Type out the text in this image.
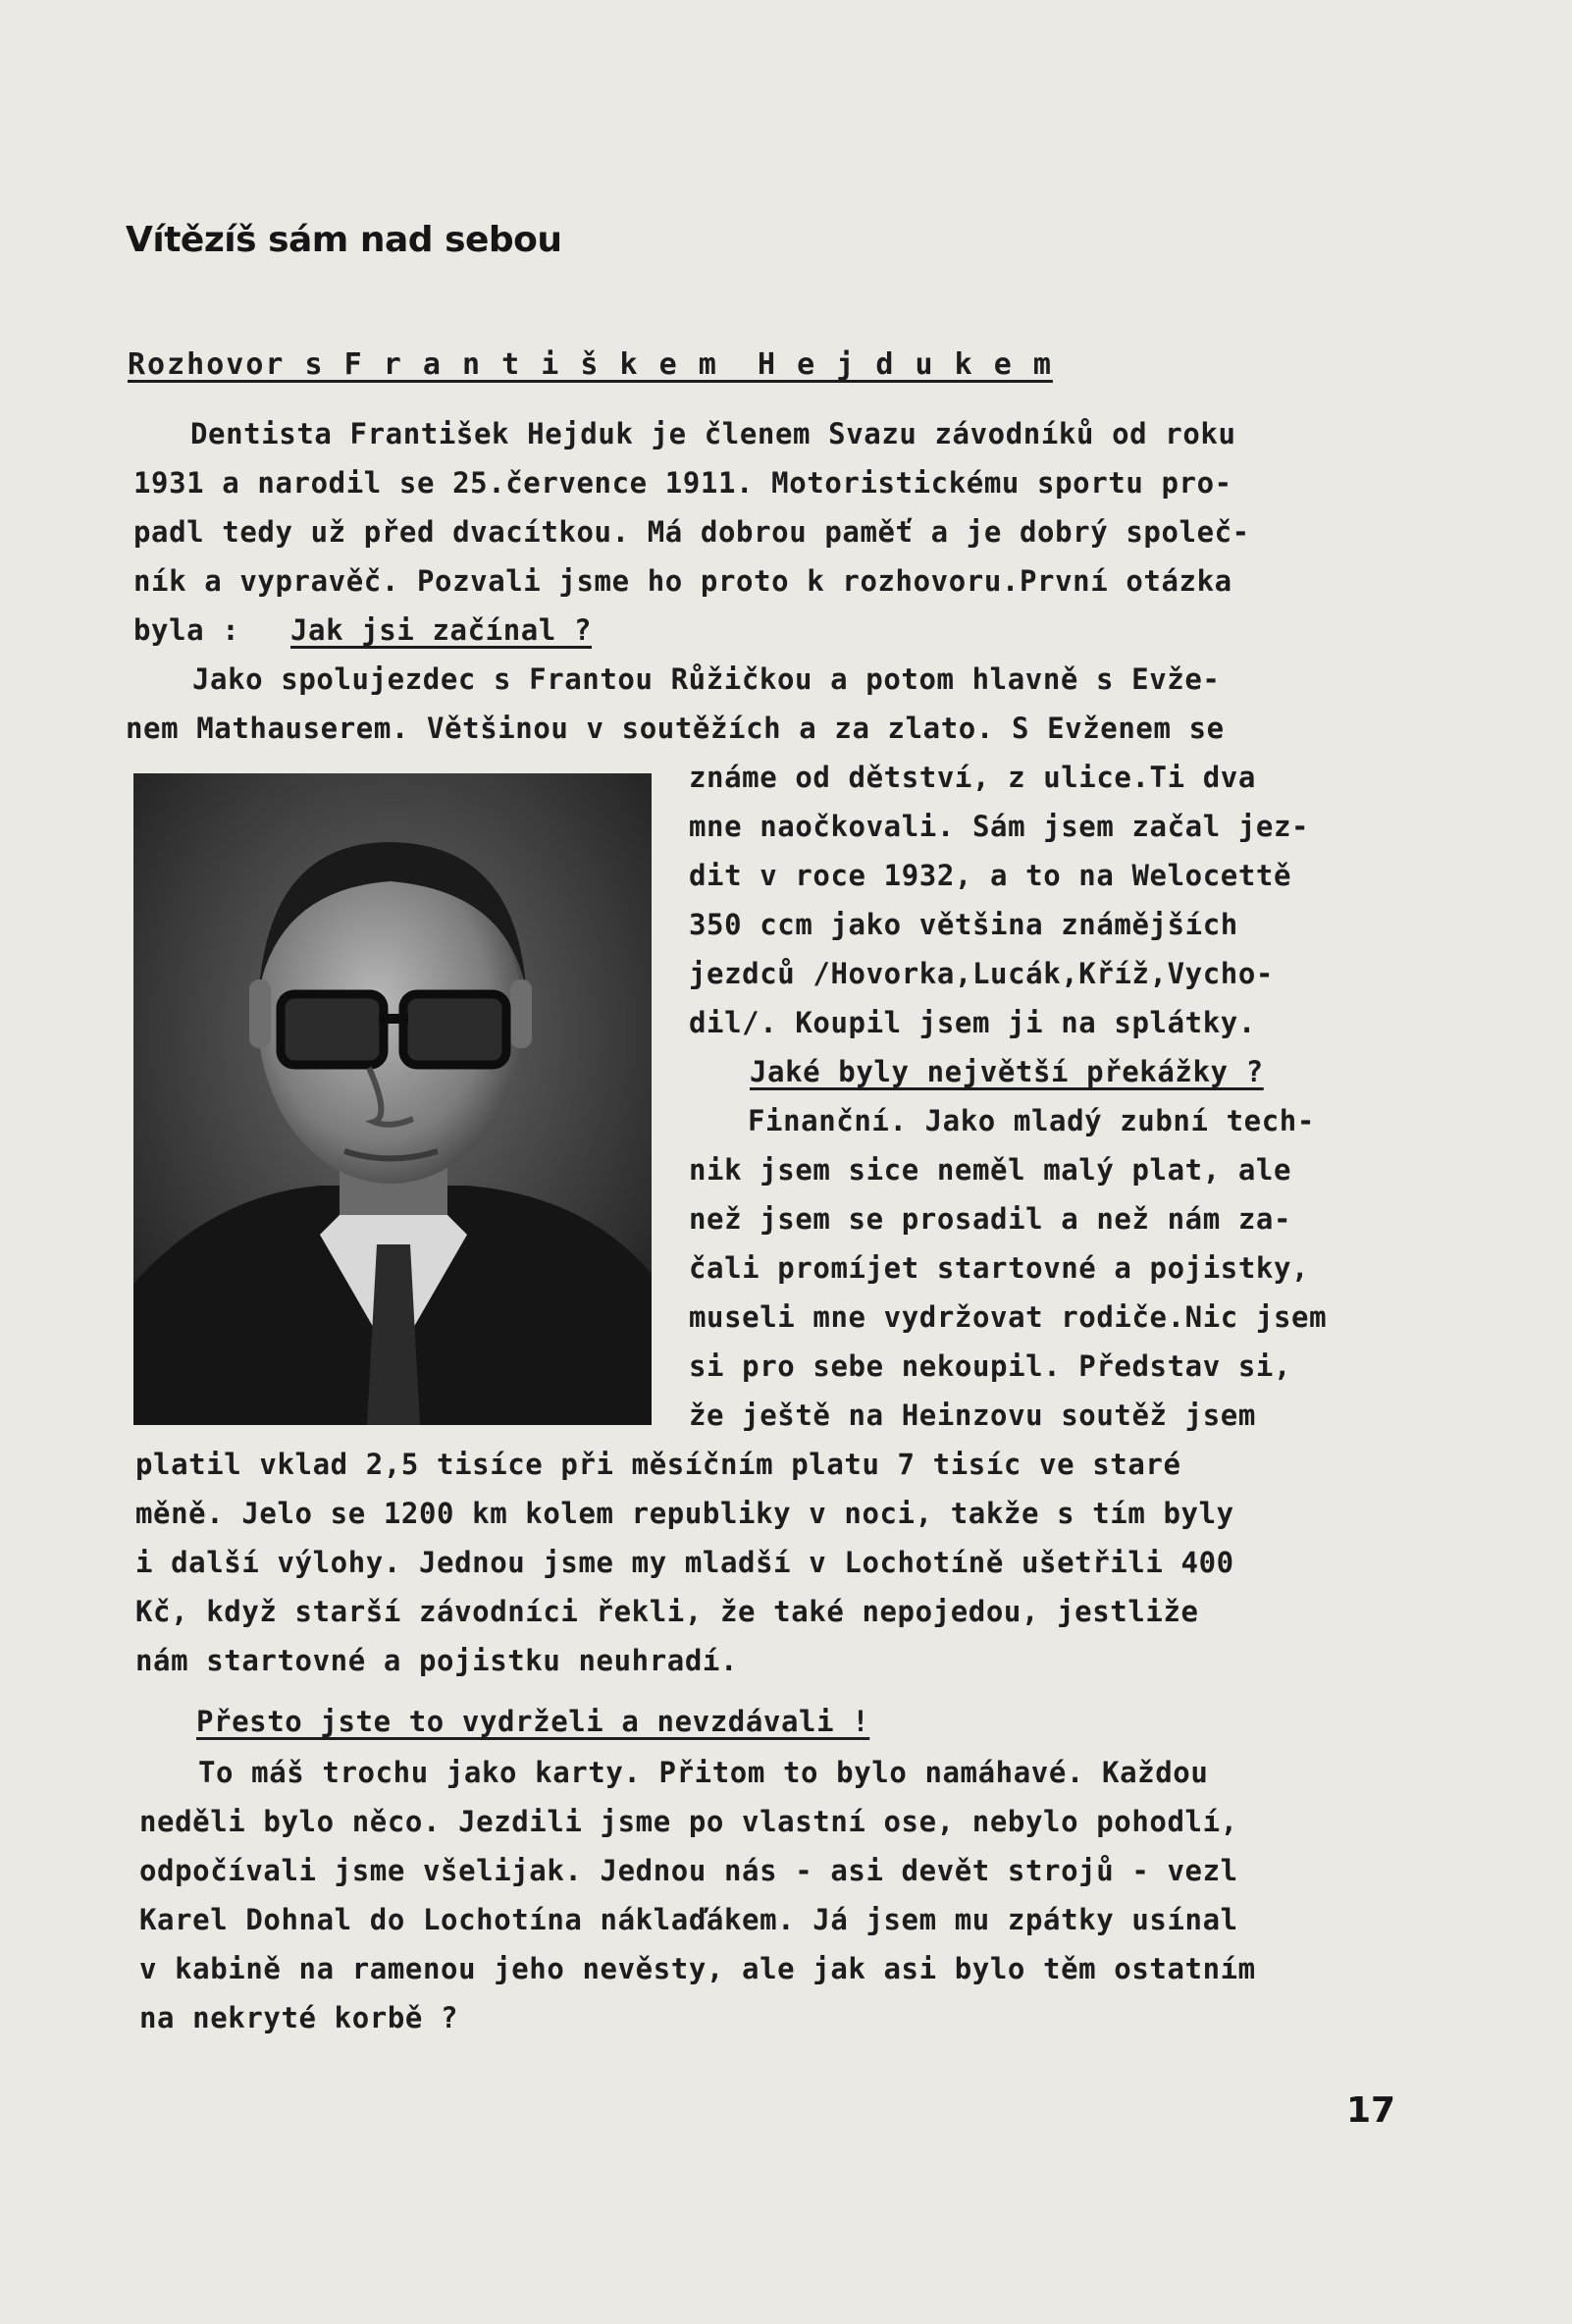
Vítězíš sám nad sebou
Rozhovor s F r a n t i š k e m  H e j d u k e m
Dentista František Hejduk je členem Svazu závodníků od roku
1931 a narodil se 25.července 1911. Motoristickému sportu pro-
padl tedy už před dvacítkou. Má dobrou paměť a je dobrý společ-
ník a vypravěč. Pozvali jsme ho proto k rozhovoru.První otázka
byla : Jak jsi začínal ?
Jako spolujezdec s Frantou Růžičkou a potom hlavně s Evže-
nem Mathauserem. Většinou v soutěžích a za zlato. S Evženem se
známe od dětství, z ulice.Ti dva
mne naočkovali. Sám jsem začal jez-
dit v roce 1932, a to na Welocettě
350 ccm jako většina známějších
jezdců /Hovorka,Lucák,Kříž,Vycho-
dil/. Koupil jsem ji na splátky.
Jaké byly největší překážky ?
Finanční. Jako mladý zubní tech-
nik jsem sice neměl malý plat, ale
než jsem se prosadil a než nám za-
čali promíjet startovné a pojistky,
museli mne vydržovat rodiče.Nic jsem
si pro sebe nekoupil. Představ si,
že ještě na Heinzovu soutěž jsem
platil vklad 2,5 tisíce při měsíčním platu 7 tisíc ve staré
měně. Jelo se 1200 km kolem republiky v noci, takže s tím byly
i další výlohy. Jednou jsme my mladší v Lochotíně ušetřili 400
Kč, když starší závodníci řekli, že také nepojedou, jestliže
nám startovné a pojistku neuhradí.
Přesto jste to vydrželi a nevzdávali !
To máš trochu jako karty. Přitom to bylo namáhavé. Každou
neděli bylo něco. Jezdili jsme po vlastní ose, nebylo pohodlí,
odpočívali jsme všelijak. Jednou nás - asi devět strojů - vezl
Karel Dohnal do Lochotína náklaďákem. Já jsem mu zpátky usínal
v kabině na ramenou jeho nevěsty, ale jak asi bylo těm ostatním
na nekryté korbě ?
17
